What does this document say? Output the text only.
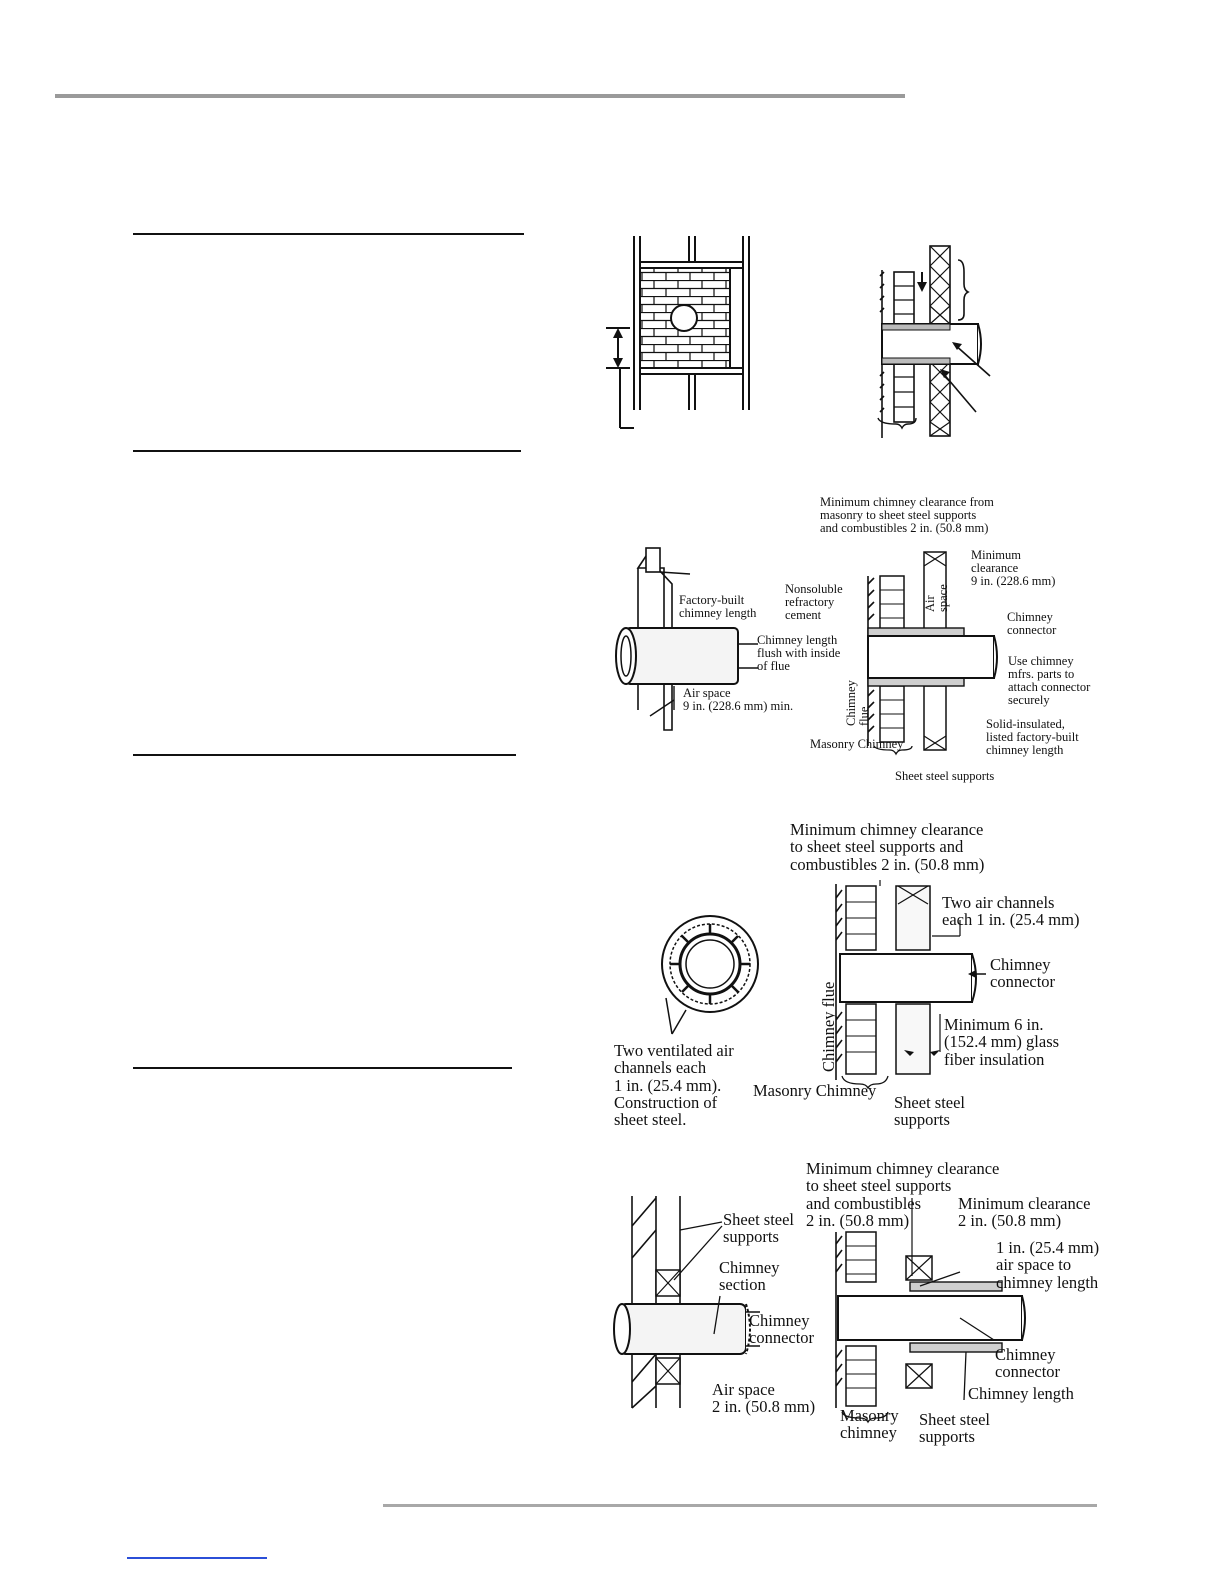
Minimum chimney clearance from
masonry to sheet steel supports
and combustibles 2 in. (50.8 mm)
Minimum
clearance
9 in. (228.6 mm)
Factory-built
chimney length
Nonsoluble
refractory
cement
Air
space
Chimney
connector
Chimney length
flush with inside
of flue	Use chimney
mfrs. parts to
attach connector
securely
Air space
9 in. (228.6 mm) min.	Chimney
flue	Solid-insulated,
listed factory-built
chimney length
Masonry Chimney
Sheet steel supports
Minimum chimney clearance
to sheet steel supports and
combustibles 2 in. (50.8 mm)
Two air channels
each 1 in. (25.4 mm)
Chimney
connector
Chimney flue	Minimum 6 in.
(152.4 mm) glass
fiber insulation
Two ventilated air
channels each
1 in. (25.4 mm).
Construction of
sheet steel.
Masonry Chimney
Sheet steel
supports
Minimum chimney clearance
to sheet steel supports
and combustibles
2 in. (50.8 mm)
Minimum clearance
2 in. (50.8 mm)
Sheet steel
supports
1 in. (25.4 mm)
air space to
chimney length
Chimney
section
Chimney
connector
Chimney
connector
Air space
2 in. (50.8 mm)
Chimney length
Masonry
chimney
Sheet steel
supports
